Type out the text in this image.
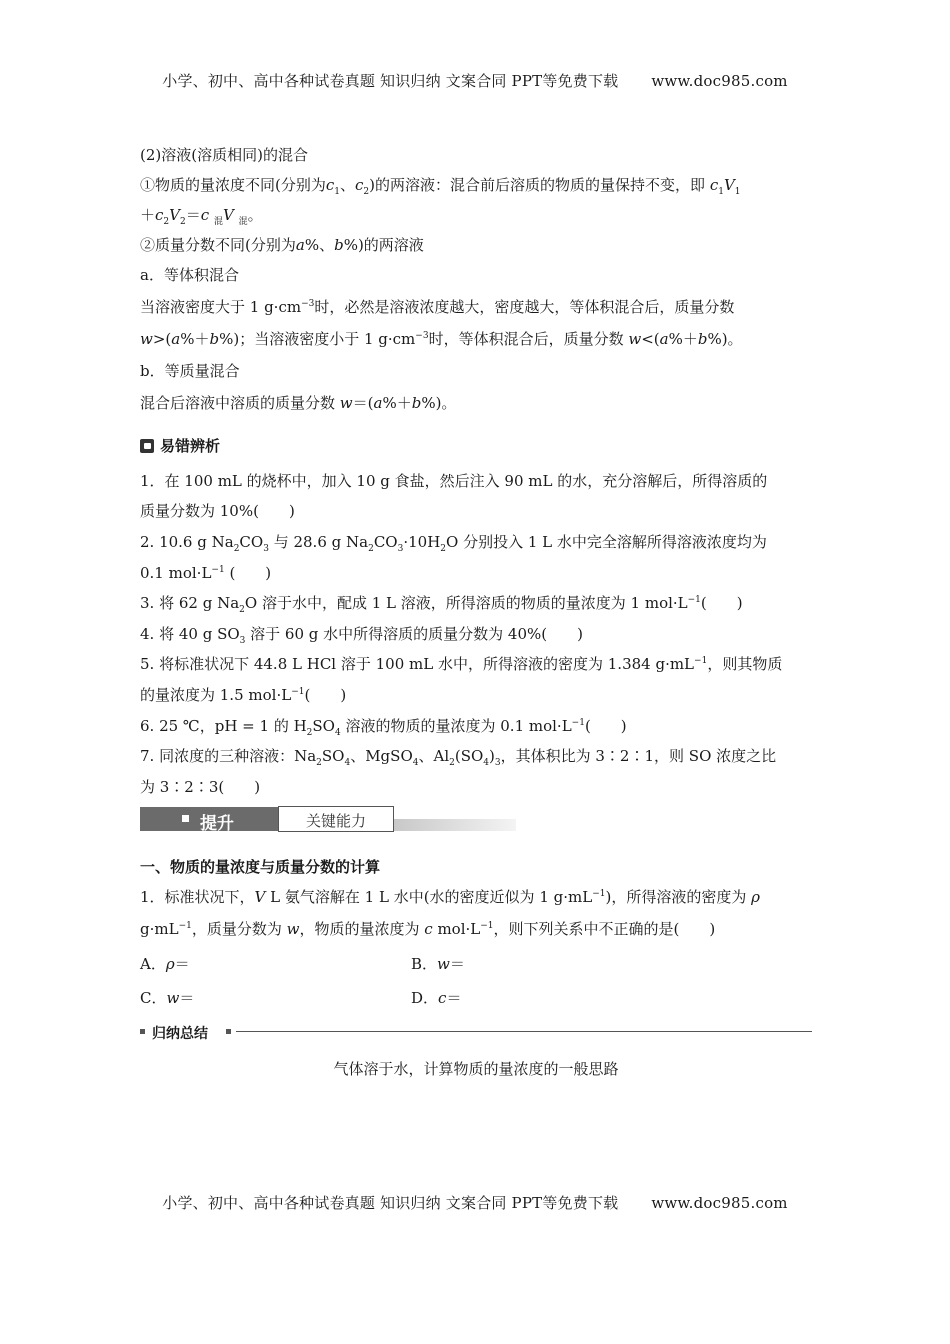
小学、初中、高中各种试卷真题 知识归纳 文案合同 PPT等免费下载 www.doc985.com
(2)溶液(溶质相同)的混合
①物质的量浓度不同(分别为$c_1$、$c_2$)的两溶液：混合前后溶质的物质的量保持不变，即 $c_1V_1$
$+c_2V_2=c$ $_混$V $_混$。
②质量分数不同(分别为a%、b%)的两溶液
a．等体积混合
当溶液密度大于 1 $g\cdot cm^{-3}$时，必然是溶液浓度越大，密度越大，等体积混合后，质量分数
w>(a%＋b%)；当溶液密度小于 1 $g\cdot cm^{-3}$时，等体积混合后，质量分数 w<(a%＋b%)。
b．等质量混合
混合后溶液中溶质的质量分数 w＝(a%＋b%)。
易错辨析
1．在 100 mL 的烧杯中，加入 10 g 食盐，然后注入 90 mL 的水，充分溶解后，所得溶质的
质量分数为 10%(　　)
2. 10.6 g $Na_2CO_3$ 与 28.6 g $Na_2CO_3\cdot 10H_2O$ 分别投入 1 L 水中完全溶解所得溶液浓度均为
0.1 $mol\cdot L^{-1}$ (　　)
3. 将 62 g $Na_2O$ 溶于水中，配成 1 L 溶液，所得溶质的物质的量浓度为 1 $mol\cdot L^{-1}$(　　)
4. 将 40 g $SO_3$ 溶于 60 g 水中所得溶质的质量分数为 40%(　　)
5. 将标准状况下 44.8 L HCl 溶于 100 mL 水中，所得溶液的密度为 1.384 $g\cdot mL^{-1}$，则其物质
的量浓度为 1.5 $mol\cdot L^{-1}$(　　)
6. 25 ℃，pH = 1 的 $H_2SO_4$ 溶液的物质的量浓度为 0.1 $mol\cdot L^{-1}$(　　)
7. 同浓度的三种溶液：$Na_2SO_4$、MgSO$_4$、$Al_2(SO_4)_3$，其体积比为 3∶2∶1，则 SO 浓度之比
为 3∶2∶3(　　)
提升	关键能力
一、物质的量浓度与质量分数的计算
1．标准状况下，V L 氨气溶解在 1 L 水中(水的密度近似为 1 $g\cdot mL^{-1}$)，所得溶液的密度为 ρ
$g\cdot mL^{-1}$，质量分数为 w，物质的量浓度为 c $mol\cdot L^{-1}$，则下列关系中不正确的是(　　)
A．ρ＝	B．w＝
C．w＝	D．c＝
归纳总结
气体溶于水，计算物质的量浓度的一般思路
小学、初中、高中各种试卷真题 知识归纳 文案合同 PPT等免费下载 www.doc985.com
